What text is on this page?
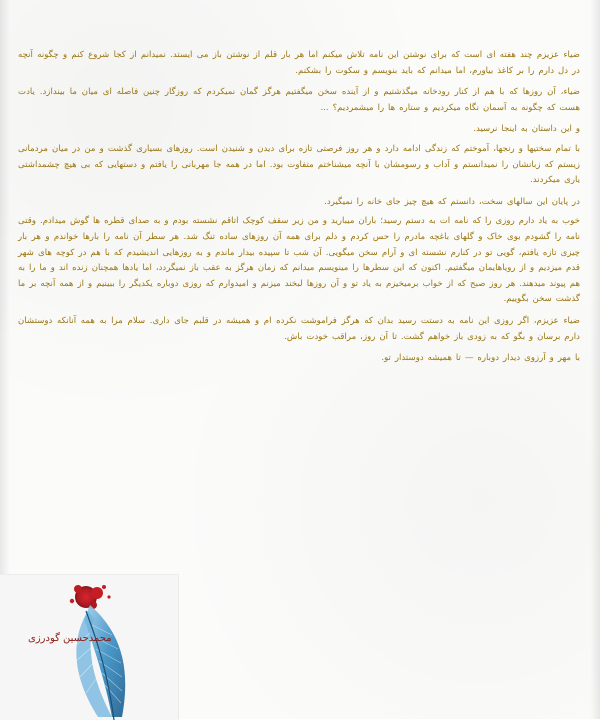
ضیاء عزیزم چند هفته ای است که برای نوشتن این نامه تلاش میکنم اما هر بار قلم از نوشتن باز می ایستد. نمیدانم از کجا شروع کنم و چگونه آنچه در دل دارم را بر کاغذ بیاورم، اما میدانم که باید بنویسم و سکوت را بشکنم.

ضیاء، آن روزها که با هم از کنار رودخانه میگذشتیم و از آینده سخن میگفتیم هرگز گمان نمیکردم که روزگار چنین فاصله ای میان ما بیندازد. یادت هست که چگونه به آسمان نگاه میکردیم و ستاره ها را میشمردیم؟ ...

و این داستان به اینجا نرسید.

با تمام سختیها و رنجها، آموختم که زندگی ادامه دارد و هر روز فرصتی تازه برای دیدن و شنیدن است. روزهای بسیاری گذشت و من در میان مردمانی زیستم که زبانشان را نمیدانستم و آداب و رسومشان با آنچه میشناختم متفاوت بود. اما در همه جا مهربانی را یافتم و دستهایی که بی هیچ چشمداشتی یاری میکردند.

در پایان این سالهای سخت، دانستم که هیچ چیز جای خانه را نمیگیرد.

خوب به یاد دارم روزی را که نامه ات به دستم رسید؛ باران میبارید و من زیر سقف کوچک اتاقم نشسته بودم و به صدای قطره ها گوش میدادم. وقتی نامه را گشودم بوی خاک و گلهای باغچه مادرم را حس کردم و دلم برای همه آن روزهای ساده تنگ شد. هر سطر آن نامه را بارها خواندم و هر بار چیزی تازه یافتم، گویی تو در کنارم نشسته ای و آرام سخن میگویی. آن شب تا سپیده بیدار ماندم و به روزهایی اندیشیدم که با هم در کوچه های شهر قدم میزدیم و از رویاهایمان میگفتیم. اکنون که این سطرها را مینویسم میدانم که زمان هرگز به عقب باز نمیگردد، اما یادها همچنان زنده اند و ما را به هم پیوند میدهند. هر روز صبح که از خواب برمیخیزم به یاد تو و آن روزها لبخند میزنم و امیدوارم که روزی دوباره یکدیگر را ببینیم و از همه آنچه بر ما گذشت سخن بگوییم.

ضیاء عزیزم، اگر روزی این نامه به دستت رسید بدان که هرگز فراموشت نکرده ام و همیشه در قلبم جای داری. سلام مرا به همه آنانکه دوستشان دارم برسان و بگو که به زودی باز خواهم گشت. تا آن روز، مراقب خودت باش.

با مهر و آرزوی دیدار دوباره — تا همیشه دوستدار تو.

محمدحسین گودرزی
